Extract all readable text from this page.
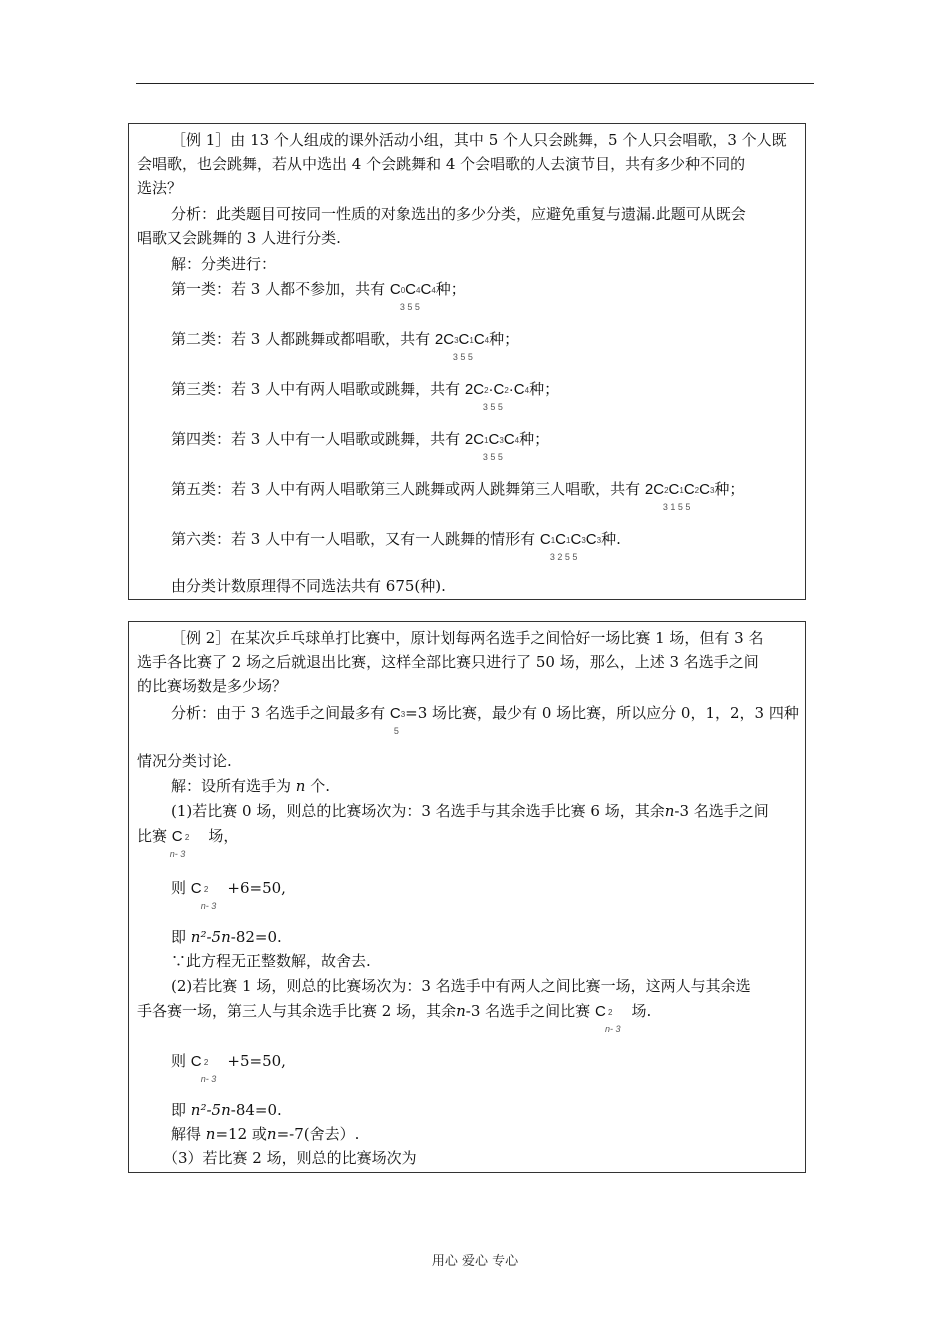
［例 1］由 13 个人组成的课外活动小组，其中 5 个人只会跳舞，5 个人只会唱歌，3 个人既
会唱歌，也会跳舞，若从中选出 4 个会跳舞和 4 个会唱歌的人去演节目，共有多少种不同的
选法？
分析：此类题目可按同一性质的对象选出的多少分类，应避免重复与遗漏.此题可从既会
唱歌又会跳舞的 3 人进行分类.
解：分类进行：
第一类：若 3 人都不参加，共有 C0C4C4
3 5 5
种；
第二类：若 3 人都跳舞或都唱歌，共有 2C3C1C4
3 5 5
种；
第三类：若 3 人中有两人唱歌或跳舞，共有 2C2·C2·C4
3 5 5
种；
第四类：若 3 人中有一人唱歌或跳舞，共有 2C1C3C4
3 5 5
种；
第五类：若 3 人中有两人唱歌第三人跳舞或两人跳舞第三人唱歌，共有 2C2C1C2C3
3 1 5 5
种；
第六类：若 3 人中有一人唱歌，又有一人跳舞的情形有 C1C1C3C3
3 2 5 5
种.
由分类计数原理得不同选法共有 675(种).
［例 2］在某次乒乓球单打比赛中，原计划每两名选手之间恰好一场比赛 1 场，但有 3 名
选手各比赛了 2 场之后就退出比赛，这样全部比赛只进行了 50 场，那么，上述 3 名选手之间
的比赛场数是多少场？
分析：由于 3 名选手之间最多有 C3
5
=3 场比赛，最少有 0 场比赛，所以应分 0，1，2，3 四种
情况分类讨论.
解：设所有选手为 n 个.
(1)若比赛 0 场，则总的比赛场次为：3 名选手与其余选手比赛 6 场，其余n-3 名选手之间
比赛 C 2
n- 3
场，
则 C 2
n- 3
+6=50,
即 n²-5n-82=0.
∵此方程无正整数解，故舍去.
(2)若比赛 1 场，则总的比赛场次为：3 名选手中有两人之间比赛一场，这两人与其余选
手各赛一场，第三人与其余选手比赛 2 场，其余n-3 名选手之间比赛 C 2
n- 3
场.
则 C 2
n- 3
+5=50,
即 n²-5n-84=0.
解得 n=12 或n=-7(舍去）.
（3）若比赛 2 场，则总的比赛场次为
用心 爱心 专心
